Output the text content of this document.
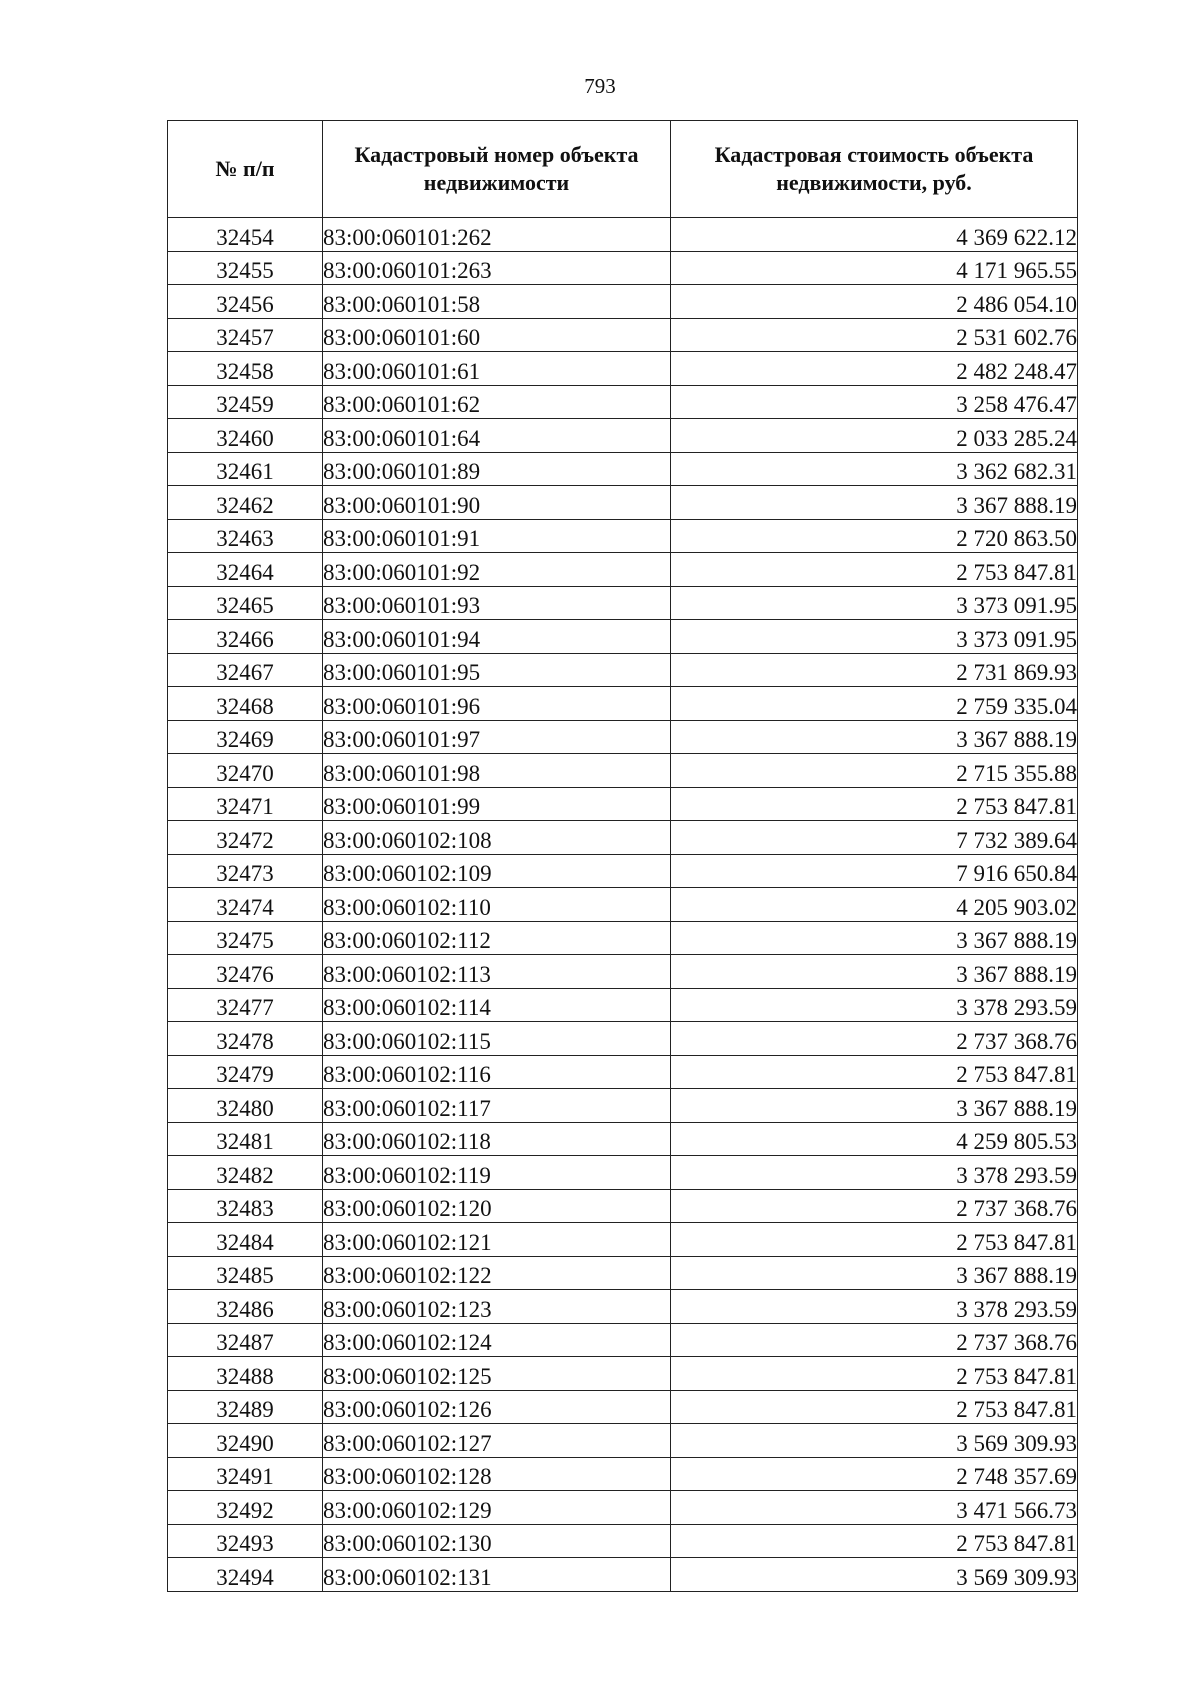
793
№ п/п	Кадастровый номер объекта недвижимости	Кадастровая стоимость объекта недвижимости, руб.
32454	83:00:060101:262	4 369 622.12
32455	83:00:060101:263	4 171 965.55
32456	83:00:060101:58	2 486 054.10
32457	83:00:060101:60	2 531 602.76
32458	83:00:060101:61	2 482 248.47
32459	83:00:060101:62	3 258 476.47
32460	83:00:060101:64	2 033 285.24
32461	83:00:060101:89	3 362 682.31
32462	83:00:060101:90	3 367 888.19
32463	83:00:060101:91	2 720 863.50
32464	83:00:060101:92	2 753 847.81
32465	83:00:060101:93	3 373 091.95
32466	83:00:060101:94	3 373 091.95
32467	83:00:060101:95	2 731 869.93
32468	83:00:060101:96	2 759 335.04
32469	83:00:060101:97	3 367 888.19
32470	83:00:060101:98	2 715 355.88
32471	83:00:060101:99	2 753 847.81
32472	83:00:060102:108	7 732 389.64
32473	83:00:060102:109	7 916 650.84
32474	83:00:060102:110	4 205 903.02
32475	83:00:060102:112	3 367 888.19
32476	83:00:060102:113	3 367 888.19
32477	83:00:060102:114	3 378 293.59
32478	83:00:060102:115	2 737 368.76
32479	83:00:060102:116	2 753 847.81
32480	83:00:060102:117	3 367 888.19
32481	83:00:060102:118	4 259 805.53
32482	83:00:060102:119	3 378 293.59
32483	83:00:060102:120	2 737 368.76
32484	83:00:060102:121	2 753 847.81
32485	83:00:060102:122	3 367 888.19
32486	83:00:060102:123	3 378 293.59
32487	83:00:060102:124	2 737 368.76
32488	83:00:060102:125	2 753 847.81
32489	83:00:060102:126	2 753 847.81
32490	83:00:060102:127	3 569 309.93
32491	83:00:060102:128	2 748 357.69
32492	83:00:060102:129	3 471 566.73
32493	83:00:060102:130	2 753 847.81
32494	83:00:060102:131	3 569 309.93
